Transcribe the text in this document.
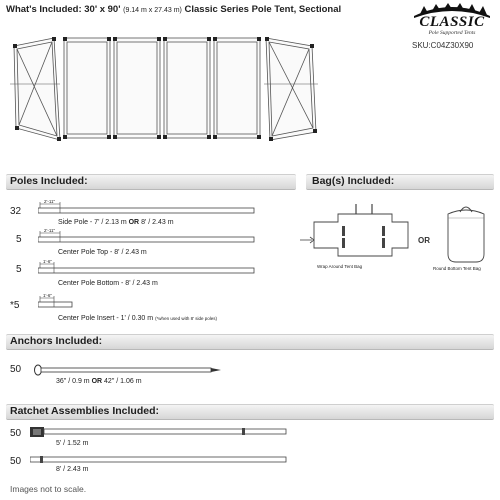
What's Included: 30' x 90' (9.14 m x 27.43 m) Classic Series Pole Tent, Sectional
CLASSIC
Pole Supported Tents
SKU:C04Z30X90
Poles Included:
32
2'-11"
Side Pole - 7' / 2.13 m OR 8' / 2.43 m
5
2'-11"
Center Pole Top - 8' / 2.43 m
5
1'-6"
Center Pole Bottom - 8' / 2.43 m
*5
1'-6"
Center Pole Insert - 1' / 0.30 m (*when used with 8' side poles)
Bag(s) Included:
Wrap Around Tent Bag
OR
Round Bottom Tent Bag
Anchors Included:
50
36" / 0.9 m OR 42" / 1.06 m
Ratchet Assemblies Included:
50
5' / 1.52 m
50
8' / 2.43 m
Images not to scale.
